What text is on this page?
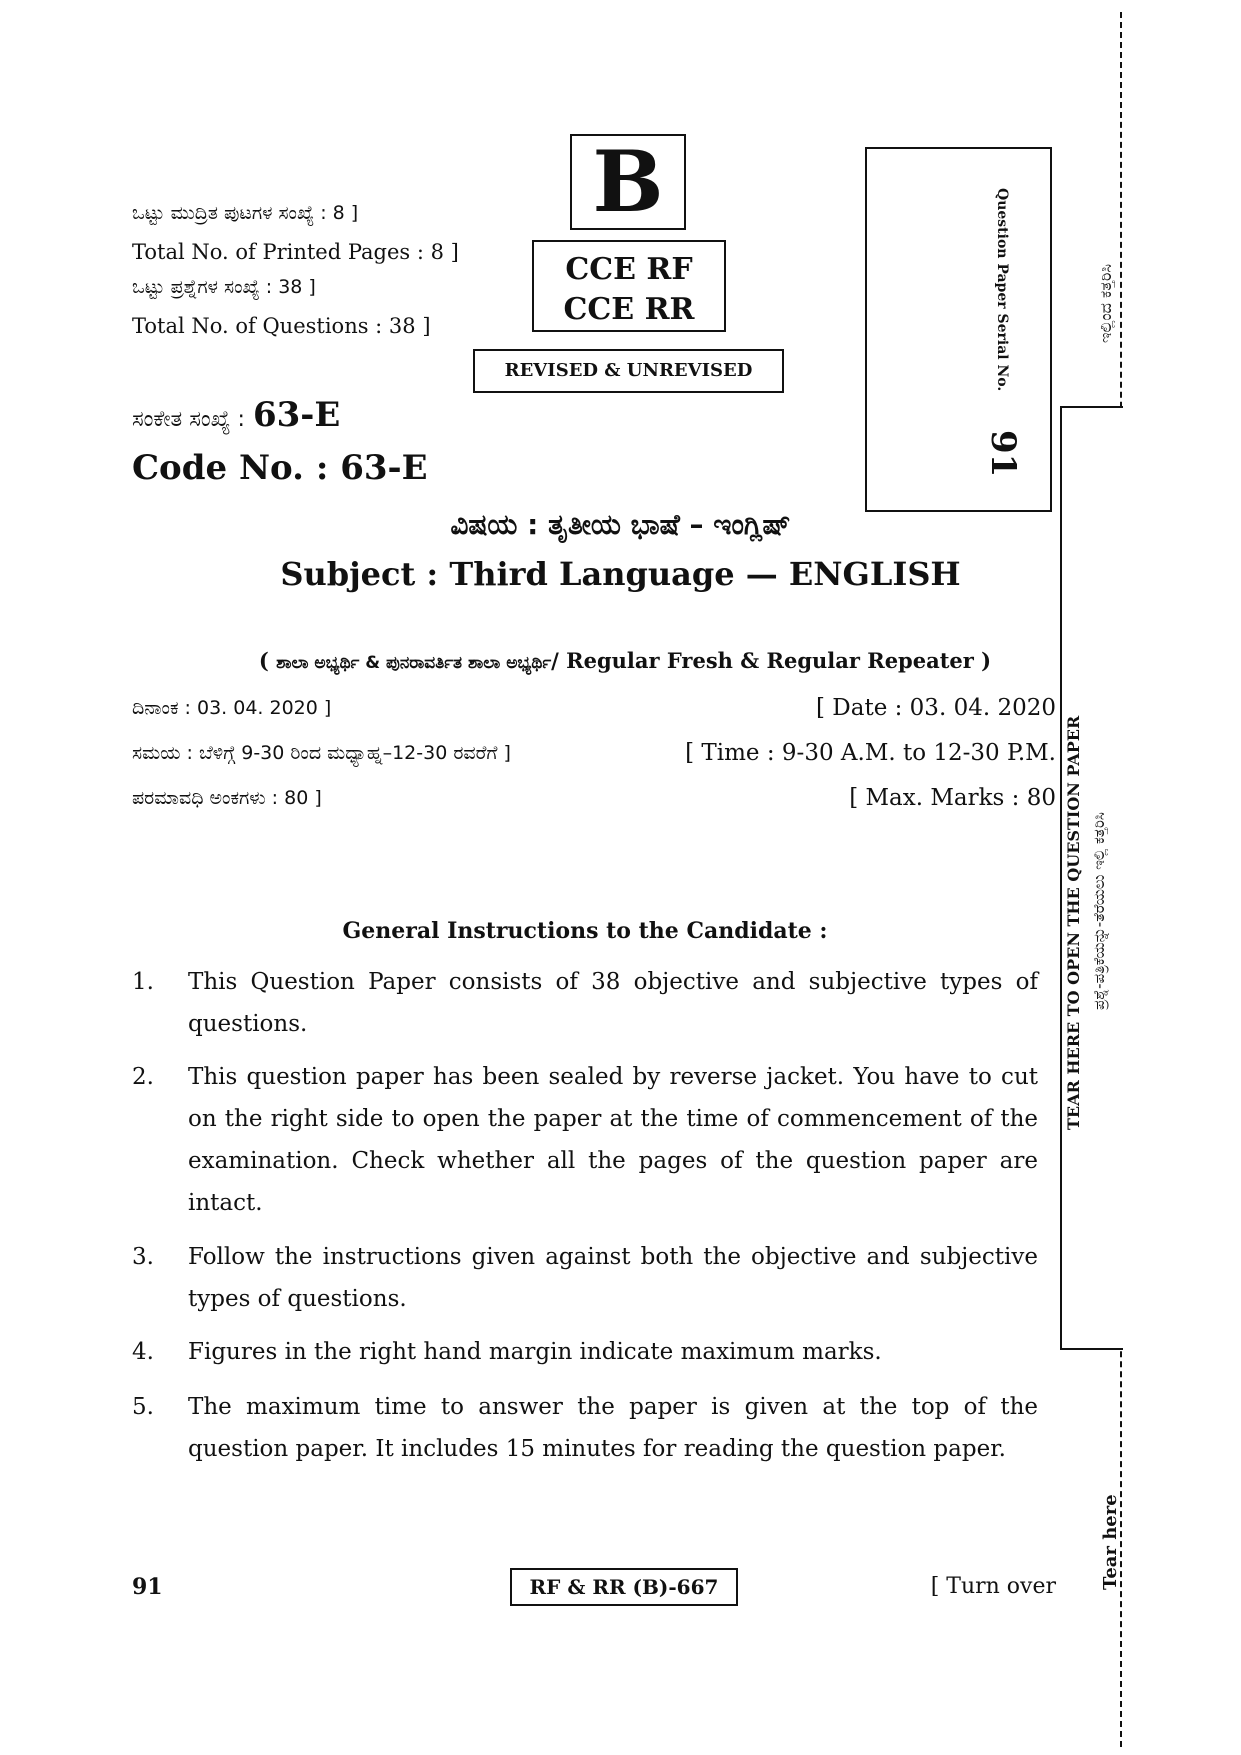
ಒಟ್ಟು ಮುದ್ರಿತ ಪುಟಗಳ ಸಂಖ್ಯೆ : 8 ]
Total No. of Printed Pages : 8 ]
ಒಟ್ಟು ಪ್ರಶ್ನೆಗಳ ಸಂಖ್ಯೆ : 38 ]
Total No. of Questions : 38 ]
B
CCE RF
CCE RR
REVISED & UNREVISED	Question Paper Serial No.
91
ಸಂಕೇತ ಸಂಖ್ಯೆ : 63-E
Code No. : 63-E
ವಿಷಯ : ತೃತೀಯ ಭಾಷೆ – ಇಂಗ್ಲಿಷ್
Subject : Third Language — ENGLISH
( ಶಾಲಾ ಅಭ್ಯರ್ಥಿ & ಪುನರಾವರ್ತಿತ ಶಾಲಾ ಅಭ್ಯರ್ಥಿ/ Regular Fresh & Regular Repeater )
ದಿನಾಂಕ : 03. 04. 2020 ]	[ Date : 03. 04. 2020
ಸಮಯ : ಬೆಳಿಗ್ಗೆ 9-30 ರಿಂದ ಮಧ್ಯಾಹ್ನ–12-30 ರವರೆಗೆ ]	[ Time : 9-30 A.M. to 12-30 P.M.
ಪರಮಾವಧಿ ಅಂಕಗಳು : 80 ]	[ Max. Marks : 80
General Instructions to the Candidate :
1. This Question Paper consists of 38 objective and subjective types of questions.
2. This question paper has been sealed by reverse jacket. You have to cut on the right side to open the paper at the time of commencement of the examination. Check whether all the pages of the question paper are intact.
3. Follow the instructions given against both the objective and subjective types of questions.
4. Figures in the right hand margin indicate maximum marks.
5. The maximum time to answer the paper is given at the top of the question paper. It includes 15 minutes for reading the question paper.
91	RF & RR (B)-667	[ Turn over
ಇಲ್ಲಿಂದ ಕತ್ತರಿಸಿ
TEAR HERE TO OPEN THE QUESTION PAPER ಪ್ರಶ್ನೆ-ಪತ್ರಿಕೆಯನ್ನು-ತೆರೆಯಲು ಇಲ್ಲಿ ಕತ್ತರಿಸಿ
Tear here
